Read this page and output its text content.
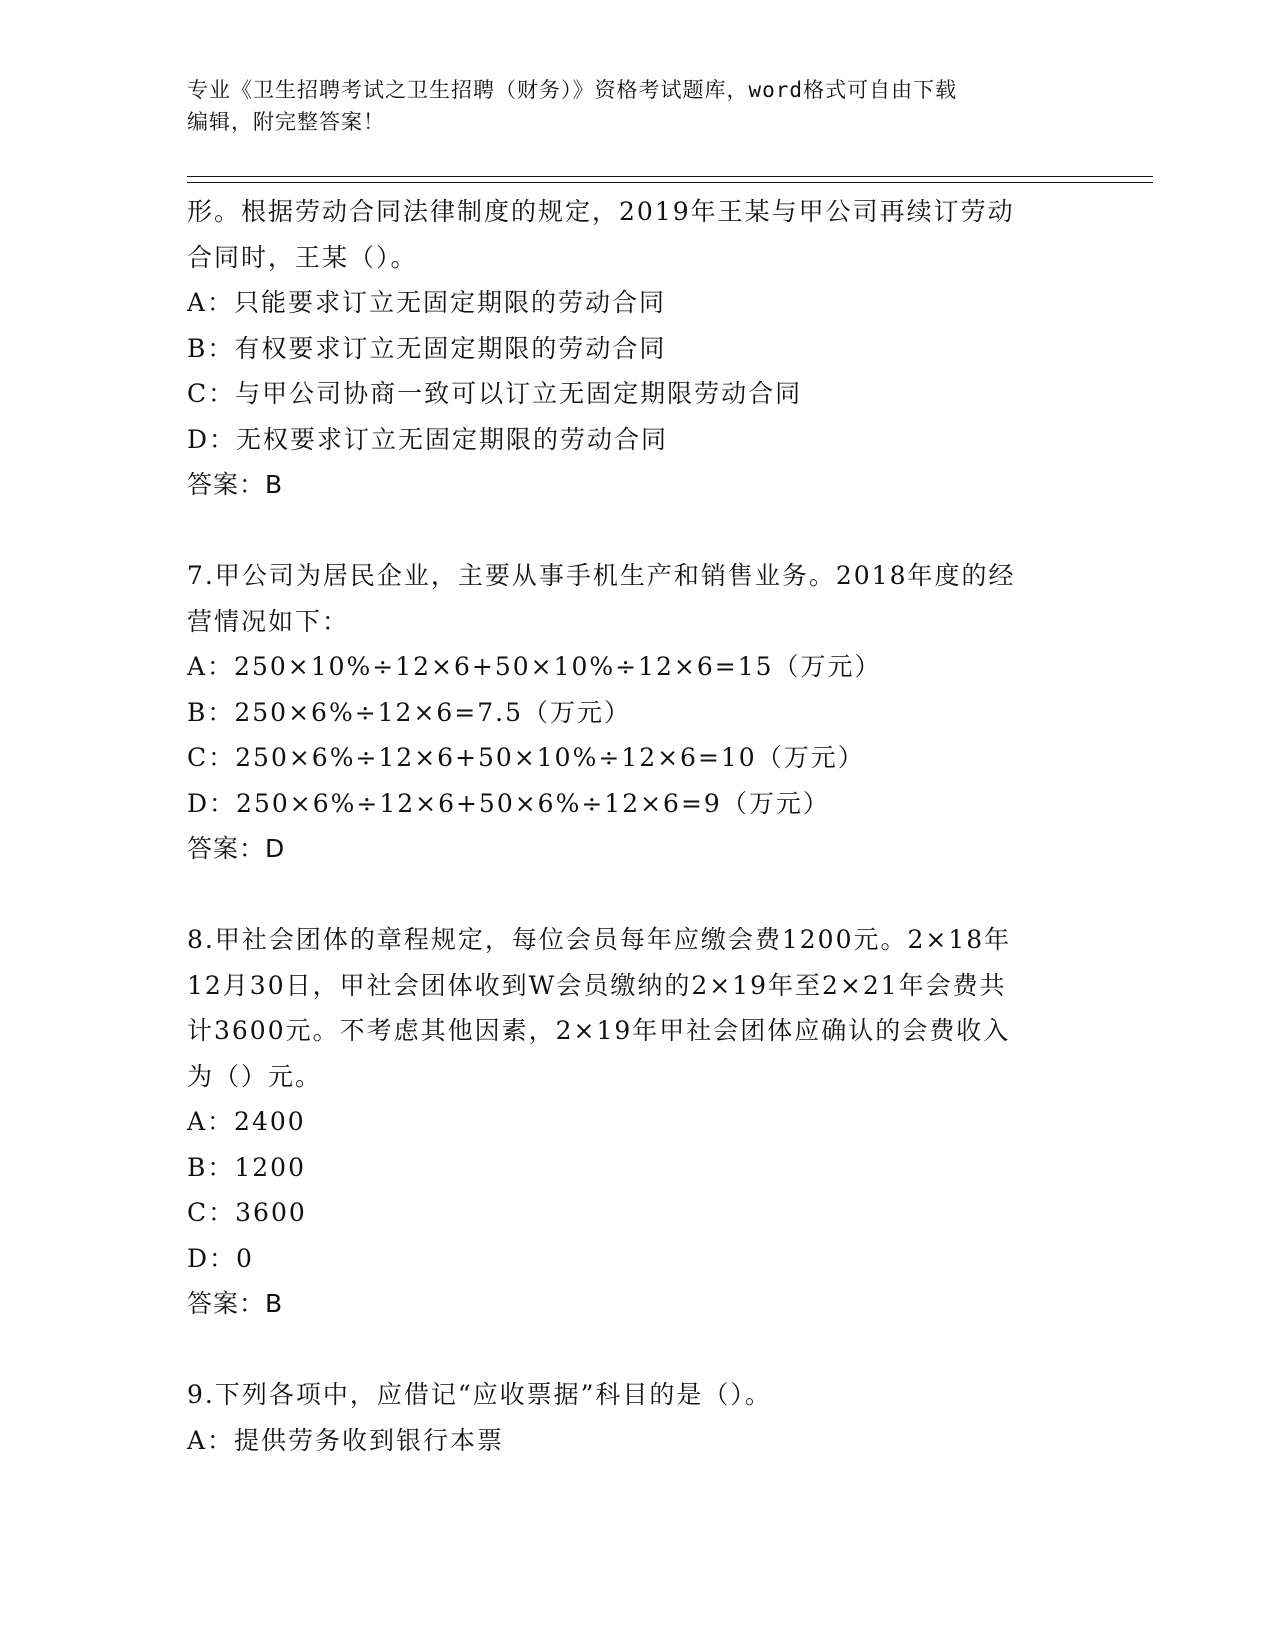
专业《卫生招聘考试之卫生招聘（财务）》资格考试题库，word格式可自由下载
编辑，附完整答案！
形。根据劳动合同法律制度的规定，2019年王某与甲公司再续订劳动
合同时，王某（）。
A：只能要求订立无固定期限的劳动合同
B：有权要求订立无固定期限的劳动合同
C：与甲公司协商一致可以订立无固定期限劳动合同
D：无权要求订立无固定期限的劳动合同
答案：B
7.甲公司为居民企业，主要从事手机生产和销售业务。2018年度的经
营情况如下：
A：250×10%÷12×6+50×10%÷12×6=15（万元）
B：250×6%÷12×6=7.5（万元）
C：250×6%÷12×6+50×10%÷12×6=10（万元）
D：250×6%÷12×6+50×6%÷12×6=9（万元）
答案：D
8.甲社会团体的章程规定，每位会员每年应缴会费1200元。2×18年
12月30日，甲社会团体收到W会员缴纳的2×19年至2×21年会费共
计3600元。不考虑其他因素，2×19年甲社会团体应确认的会费收入
为（）元。
A：2400
B：1200
C：3600
D：0
答案：B
9.下列各项中，应借记“应收票据”科目的是（）。
A：提供劳务收到银行本票
